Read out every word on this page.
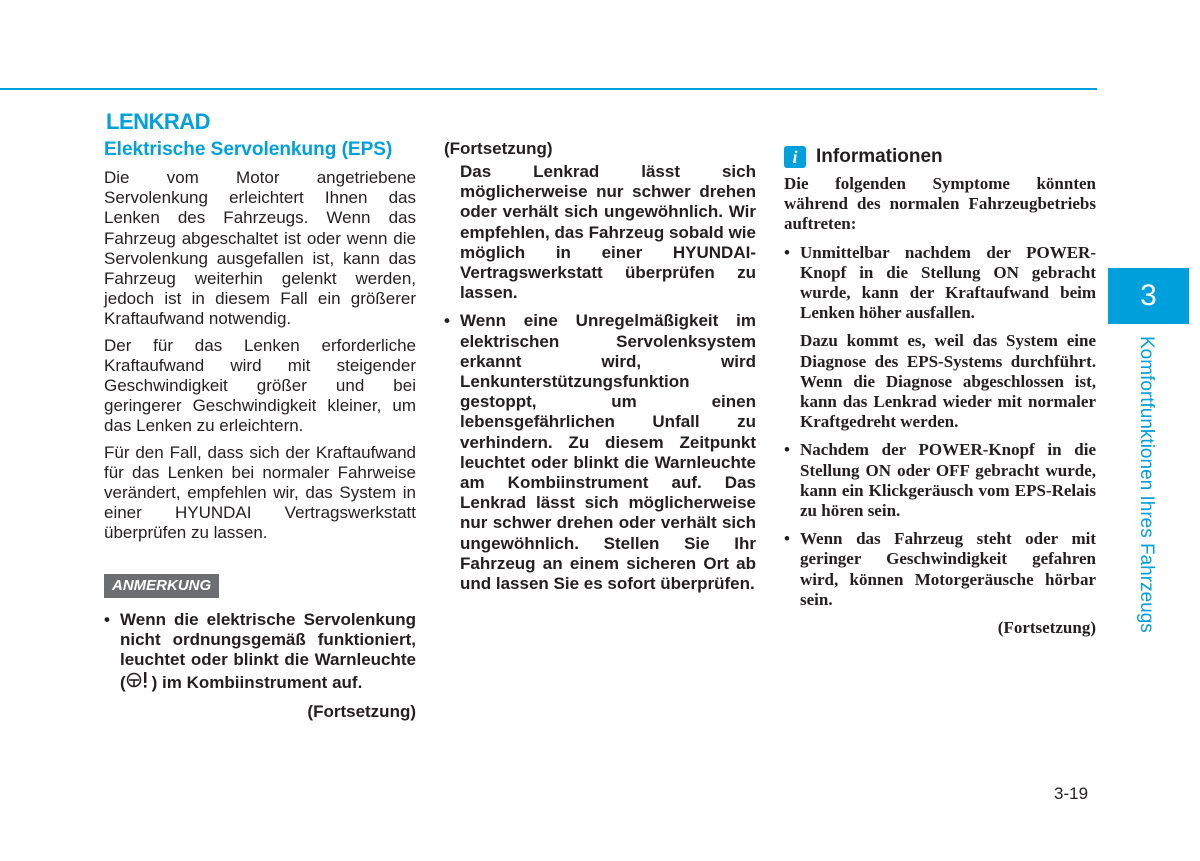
LENKRAD
Elektrische Servolenkung (EPS)

Die vom Motor angetriebene Servolenkung erleichtert Ihnen das Lenken des Fahrzeugs. Wenn das Fahrzeug abgeschaltet ist oder wenn die Servolenkung ausgefallen ist, kann das Fahrzeug weiterhin gelenkt werden, jedoch ist in diesem Fall ein größerer Kraftaufwand notwendig.

Der für das Lenken erforderliche Kraftaufwand wird mit steigender Geschwindigkeit größer und bei geringerer Geschwindigkeit kleiner, um das Lenken zu erleichtern.

Für den Fall, dass sich der Kraftaufwand für das Lenken bei normaler Fahrweise verändert, empfehlen wir, das System in einer HYUNDAI Vertragswerkstatt überprüfen zu lassen.

ANMERKUNG
• Wenn die elektrische Servolenkung nicht ordnungsgemäß funktioniert, leuchtet oder blinkt die Warnleuchte ( ) im Kombiinstrument auf.
(Fortsetzung)
(Fortsetzung)
Das Lenkrad lässt sich möglicherweise nur schwer drehen oder verhält sich ungewöhnlich. Wir empfehlen, das Fahrzeug sobald wie möglich in einer HYUNDAI-Vertragswerkstatt überprüfen zu lassen.
• Wenn eine Unregelmäßigkeit im elektrischen Servolenksystem erkannt wird, wird Lenkunterstützungsfunktion gestoppt, um einen lebensgefährlichen Unfall zu verhindern. Zu diesem Zeitpunkt leuchtet oder blinkt die Warnleuchte am Kombiinstrument auf. Das Lenkrad lässt sich möglicherweise nur schwer drehen oder verhält sich ungewöhnlich. Stellen Sie Ihr Fahrzeug an einem sicheren Ort ab und lassen Sie es sofort überprüfen.
i Informationen
Die folgenden Symptome könnten während des normalen Fahrzeugbetriebs auftreten:
• Unmittelbar nachdem der POWER-Knopf in die Stellung ON gebracht wurde, kann der Kraftaufwand beim Lenken höher ausfallen.
Dazu kommt es, weil das System eine Diagnose des EPS-Systems durchführt. Wenn die Diagnose abgeschlossen ist, kann das Lenkrad wieder mit normaler Kraftgedreht werden.
• Nachdem der POWER-Knopf in die Stellung ON oder OFF gebracht wurde, kann ein Klickgeräusch vom EPS-Relais zu hören sein.
• Wenn das Fahrzeug steht oder mit geringer Geschwindigkeit gefahren wird, können Motorgeräusche hörbar sein.
(Fortsetzung)
3
Komfortfunktionen Ihres Fahrzeugs
3-19
